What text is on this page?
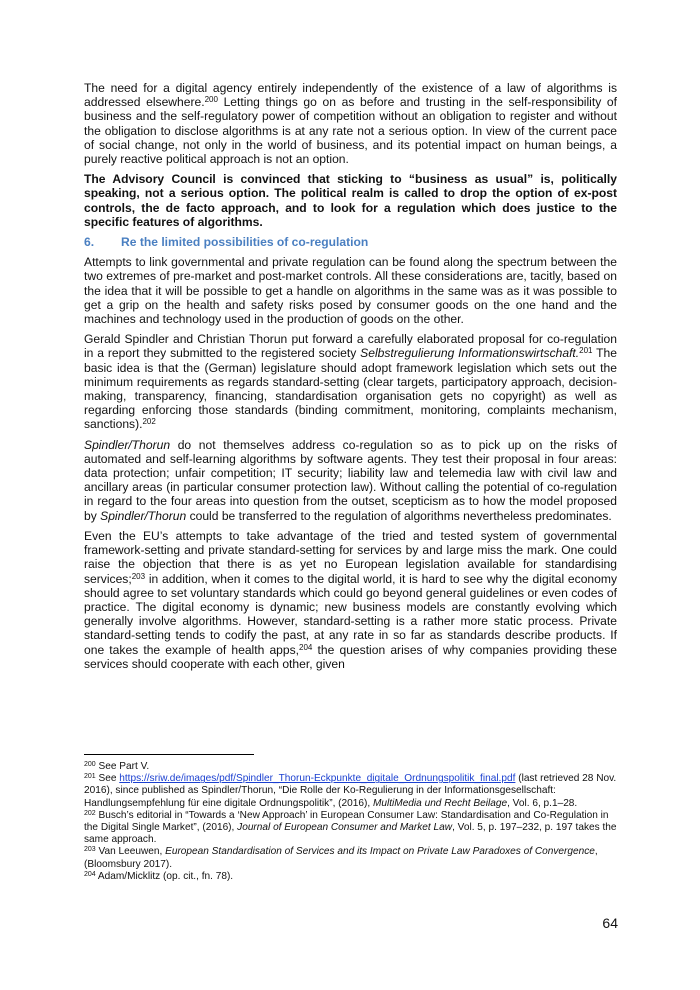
The need for a digital agency entirely independently of the existence of a law of algorithms is addressed elsewhere.$^{200}$ Letting things go on as before and trusting in the self-responsibility of business and the self-regulatory power of competition without an obligation to register and without the obligation to disclose algorithms is at any rate not a serious option. In view of the current pace of social change, not only in the world of business, and its potential impact on human beings, a purely reactive political approach is not an option.

The Advisory Council is convinced that sticking to “business as usual” is, politically speaking, not a serious option. The political realm is called to drop the option of ex-post controls, the de facto approach, and to look for a regulation which does justice to the specific features of algorithms.

6.	Re the limited possibilities of co-regulation

Attempts to link governmental and private regulation can be found along the spectrum between the two extremes of pre-market and post-market controls. All these considerations are, tacitly, based on the idea that it will be possible to get a handle on algorithms in the same was as it was possible to get a grip on the health and safety risks posed by consumer goods on the one hand and the machines and technology used in the production of goods on the other.

Gerald Spindler and Christian Thorun put forward a carefully elaborated proposal for co-regulation in a report they submitted to the registered society Selbstregulierung Informationswirtschaft.$^{201}$ The basic idea is that the (German) legislature should adopt framework legislation which sets out the minimum requirements as regards standard-setting (clear targets, participatory approach, decision-making, transparency, financing, standardisation organisation gets no copyright) as well as regarding enforcing those standards (binding commitment, monitoring, complaints mechanism, sanctions).$^{202}$

Spindler/Thorun do not themselves address co-regulation so as to pick up on the risks of automated and self-learning algorithms by software agents. They test their proposal in four areas: data protection; unfair competition; IT security; liability law and telemedia law with civil law and ancillary areas (in particular consumer protection law). Without calling the potential of co-regulation in regard to the four areas into question from the outset, scepticism as to how the model proposed by Spindler/Thorun could be transferred to the regulation of algorithms nevertheless predominates.

Even the EU’s attempts to take advantage of the tried and tested system of governmental framework-setting and private standard-setting for services by and large miss the mark. One could raise the objection that there is as yet no European legislation available for standardising services;$^{203}$ in addition, when it comes to the digital world, it is hard to see why the digital economy should agree to set voluntary standards which could go beyond general guidelines or even codes of practice. The digital economy is dynamic; new business models are constantly evolving which generally involve algorithms. However, standard-setting is a rather more static process. Private standard-setting tends to codify the past, at any rate in so far as standards describe products. If one takes the example of health apps,$^{204}$ the question arises of why companies providing these services should cooperate with each other, given

$^{200}$ See Part V.

$^{201}$ See https://sriw.de/images/pdf/Spindler_Thorun-Eckpunkte_digitale_Ordnungspolitik_final.pdf (last retrieved 28 Nov. 2016), since published as Spindler/Thorun, “Die Rolle der Ko-Regulierung in der Informationsgesellschaft: Handlungsempfehlung für eine digitale Ordnungspolitik”, (2016), MultiMedia und Recht Beilage, Vol. 6, p.1–28.

$^{202}$ Busch’s editorial in “Towards a ‘New Approach’ in European Consumer Law: Standardisation and Co-Regulation in the Digital Single Market”, (2016), Journal of European Consumer and Market Law, Vol. 5, p. 197–232, p. 197 takes the same approach.

$^{203}$ Van Leeuwen, European Standardisation of Services and its Impact on Private Law Paradoxes of Convergence, (Bloomsbury 2017).

$^{204}$ Adam/Micklitz (op. cit., fn. 78).

64
